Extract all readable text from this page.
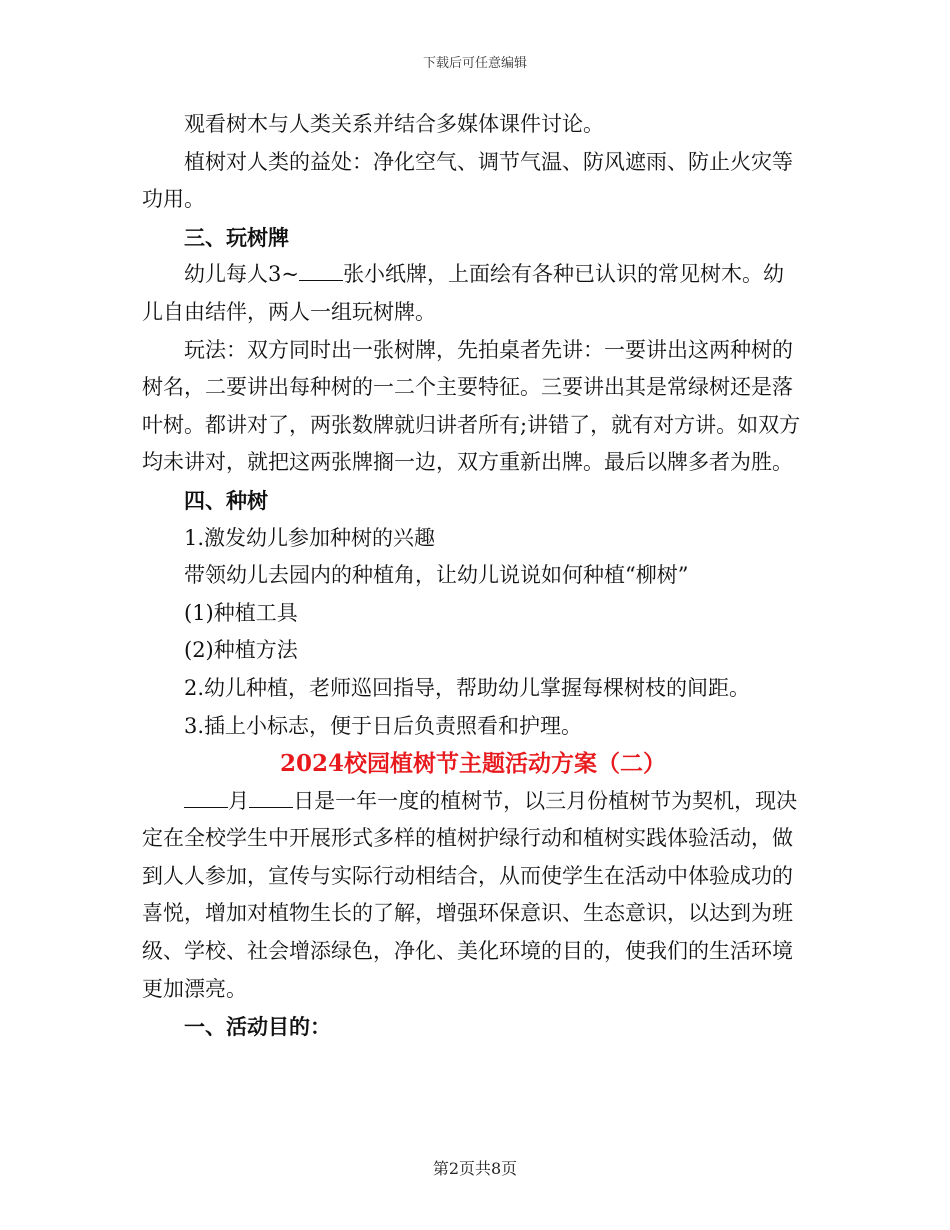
下载后可任意编辑

观看树木与人类关系并结合多媒体课件讨论。

植树对人类的益处：净化空气、调节气温、防风遮雨、防止火灾等功用。

三、玩树牌

幼儿每人3~ 张小纸牌，上面绘有各种已认识的常见树木。幼儿自由结伴，两人一组玩树牌。

玩法：双方同时出一张树牌，先拍桌者先讲：一要讲出这两种树的树名，二要讲出每种树的一二个主要特征。三要讲出其是常绿树还是落叶树。都讲对了，两张数牌就归讲者所有;讲错了，就有对方讲。如双方均未讲对，就把这两张牌搁一边，双方重新出牌。最后以牌多者为胜。

四、种树

1.激发幼儿参加种树的兴趣

带领幼儿去园内的种植角，让幼儿说说如何种植“柳树”

(1)种植工具

(2)种植方法

2.幼儿种植，老师巡回指导，帮助幼儿掌握每棵树枝的间距。

3.插上小标志，便于日后负责照看和护理。

2024校园植树节主题活动方案（二）

月 日是一年一度的植树节，以三月份植树节为契机，现决定在全校学生中开展形式多样的植树护绿行动和植树实践体验活动，做到人人参加，宣传与实际行动相结合，从而使学生在活动中体验成功的喜悦，增加对植物生长的了解，增强环保意识、生态意识，以达到为班级、学校、社会增添绿色，净化、美化环境的目的，使我们的生活环境更加漂亮。

一、活动目的：

第2页共8页
